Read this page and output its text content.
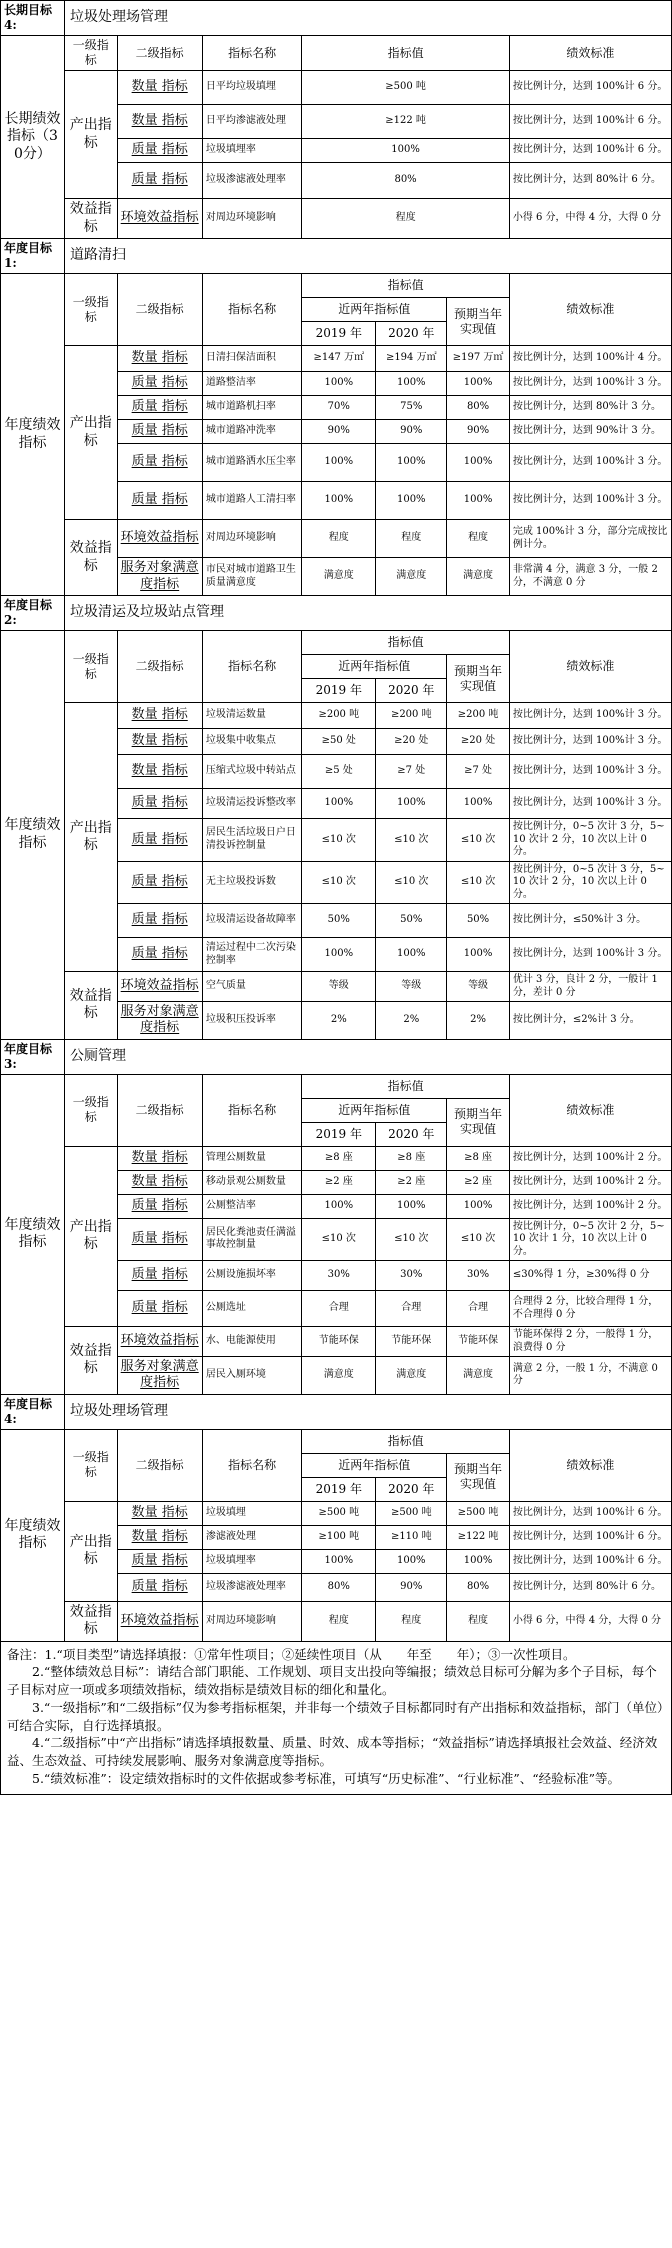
长期目标4:	垃圾处理场管理						
长期绩效指标（30分）	一级指标	二级指标	指标名称	指标值			绩效标准
	产出指标	数量 指标	日平均垃圾填埋	≥500 吨			按比例计分，达到 100%计 6 分。
		数量 指标	日平均渗滤液处理	≥122 吨			按比例计分，达到 100%计 6 分。
		质量 指标	垃圾填埋率	100%			按比例计分，达到 100%计 6 分。
		质量 指标	垃圾渗滤液处理率	80%			按比例计分，达到 80%计 6 分。
	效益指标	环境效益指标	对周边环境影响	程度			小得 6 分，中得 4 分，大得 0 分
年度目标1:	道路清扫						
年度绩效指标	一级指标	二级指标	指标名称	指标值			绩效标准
				近两年指标值		预期当年实现值	
				2019 年	2020 年		
	产出指标	数量 指标	日清扫保洁面积	≥147 万㎡	≥194 万㎡	≥197 万㎡	按比例计分，达到 100%计 4 分。
		质量 指标	道路整洁率	100%	100%	100%	按比例计分，达到 100%计 3 分。
		质量 指标	城市道路机扫率	70%	75%	80%	按比例计分，达到 80%计 3 分。
		质量 指标	城市道路冲洗率	90%	90%	90%	按比例计分，达到 90%计 3 分。
		质量 指标	城市道路洒水压尘率	100%	100%	100%	按比例计分，达到 100%计 3 分。
		质量 指标	城市道路人工清扫率	100%	100%	100%	按比例计分，达到 100%计 3 分。
	效益指标	环境效益指标	对周边环境影响	程度	程度	程度	完成 100%计 3 分，部分完成按比例计分。
		服务对象满意度指标	市民对城市道路卫生质量满意度	满意度	满意度	满意度	非常满 4 分，满意 3 分，一般 2 分，不满意 0 分
年度目标2:	垃圾清运及垃圾站点管理						
年度绩效指标	一级指标	二级指标	指标名称	指标值			绩效标准
				近两年指标值		预期当年实现值	
				2019 年	2020 年		
	产出指标	数量 指标	垃圾清运数量	≥200 吨	≥200 吨	≥200 吨	按比例计分，达到 100%计 3 分。
		数量 指标	垃圾集中收集点	≥50 处	≥20 处	≥20 处	按比例计分，达到 100%计 3 分。
		数量 指标	压缩式垃圾中转站点	≥5 处	≥7 处	≥7 处	按比例计分，达到 100%计 3 分。
		质量 指标	垃圾清运投诉整改率	100%	100%	100%	按比例计分，达到 100%计 3 分。
		质量 指标	居民生活垃圾日户日清投诉控制量	≤10 次	≤10 次	≤10 次	按比例计分，0~5 次计 3 分，5~10 次计 2 分，10 次以上计 0 分。
		质量 指标	无主垃圾投诉数	≤10 次	≤10 次	≤10 次	按比例计分，0~5 次计 3 分，5~10 次计 2 分，10 次以上计 0 分。
		质量 指标	垃圾清运设备故障率	50%	50%	50%	按比例计分，≤50%计 3 分。
		质量 指标	清运过程中二次污染控制率	100%	100%	100%	按比例计分，达到 100%计 3 分。
	效益指标	环境效益指标	空气质量	等级	等级	等级	优计 3 分，良计 2 分，一般计 1 分，差计 0 分
		服务对象满意度指标	垃圾积压投诉率	2%	2%	2%	按比例计分，≤2%计 3 分。
年度目标3:	公厕管理						
年度绩效指标	一级指标	二级指标	指标名称	指标值			绩效标准
				近两年指标值		预期当年实现值	
				2019 年	2020 年		
	产出指标	数量 指标	管理公厕数量	≥8 座	≥8 座	≥8 座	按比例计分，达到 100%计 2 分。
		数量 指标	移动景观公厕数量	≥2 座	≥2 座	≥2 座	按比例计分，达到 100%计 2 分。
		质量 指标	公厕整洁率	100%	100%	100%	按比例计分，达到 100%计 2 分。
		质量 指标	居民化粪池责任满溢事故控制量	≤10 次	≤10 次	≤10 次	按比例计分，0~5 次计 2 分，5~10 次计 1 分，10 次以上计 0 分。
		质量 指标	公厕设施损坏率	30%	30%	30%	≤30%得 1 分，≥30%得 0 分
		质量 指标	公厕选址	合理	合理	合理	合理得 2 分，比较合理得 1 分，不合理得 0 分
	效益指标	环境效益指标	水、电能源使用	节能环保	节能环保	节能环保	节能环保得 2 分，一般得 1 分，浪费得 0 分
		服务对象满意度指标	居民入厕环境	满意度	满意度	满意度	满意 2 分，一般 1 分，不满意 0 分
年度目标4:	垃圾处理场管理						
年度绩效指标	一级指标	二级指标	指标名称	指标值			绩效标准
				近两年指标值		预期当年实现值	
				2019 年	2020 年		
	产出指标	数量 指标	垃圾填埋	≥500 吨	≥500 吨	≥500 吨	按比例计分，达到 100%计 6 分。
		数量 指标	渗滤液处理	≥100 吨	≥110 吨	≥122 吨	按比例计分，达到 100%计 6 分。
		质量 指标	垃圾填埋率	100%	100%	100%	按比例计分，达到 100%计 6 分。
		质量 指标	垃圾渗滤液处理率	80%	90%	80%	按比例计分，达到 80%计 6 分。
	效益指标	环境效益指标	对周边环境影响	程度	程度	程度	小得 6 分，中得 4 分，大得 0 分

备注：1.“项目类型”请选择填报：①常年性项目；②延续性项目（从　　年至　　年）；③一次性项目。

　　2.“整体绩效总目标”：请结合部门职能、工作规划、项目支出投向等编报；绩效总目标可分解为多个子目标，每个子目标对应一项或多项绩效指标，绩效指标是绩效目标的细化和量化。

　　3.“一级指标”和“二级指标”仅为参考指标框架，并非每一个绩效子目标都同时有产出指标和效益指标，部门（单位）可结合实际，自行选择填报。

　　4.“二级指标”中“产出指标”请选择填报数量、质量、时效、成本等指标；“效益指标”请选择填报社会效益、经济效益、生态效益、可持续发展影响、服务对象满意度等指标。

　　5.“绩效标准”：设定绩效指标时的文件依据或参考标准，可填写“历史标准”、“行业标准”、“经验标准”等。
